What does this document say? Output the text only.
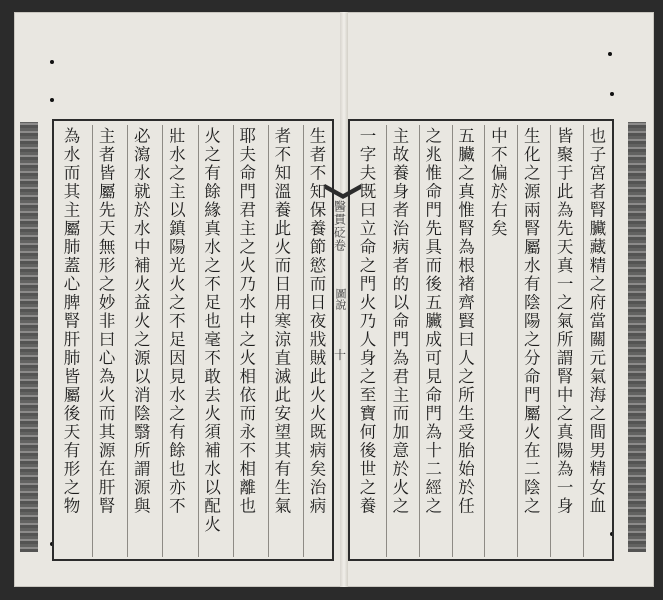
生者不知保養節慾而日夜戕賊此火火既病矣治病
者不知溫養此火而日用寒涼直滅此安望其有生氣
耶夫命門君主之火乃水中之火相依而永不相離也
火之有餘緣真水之不足也毫不敢去火須補水以配火
壯水之主以鎮陽光火之不足因見水之有餘也亦不
必瀉水就於水中補火益火之源以消陰翳所謂源與
主者皆屬先天無形之妙非曰心為火而其源在肝腎
為水而其主屬肺蓋心脾腎肝肺皆屬後天有形之物	也子宮者腎臟藏精之府當關元氣海之間男精女血
皆聚于此為先天真一之氣所謂腎中之真陽為一身
生化之源兩腎屬水有陰陽之分命門屬火在二陰之
中不偏於右矣
五臟之真惟腎為根褚齊賢曰人之所生受胎始於任
之兆惟命門先具而後五臟成可見命門為十二經之
主故養身者治病者的以命門為君主而加意於火之
一字夫既曰立命之門火乃人身之至寶何後世之養
醫貫砭卷
圖說
十
